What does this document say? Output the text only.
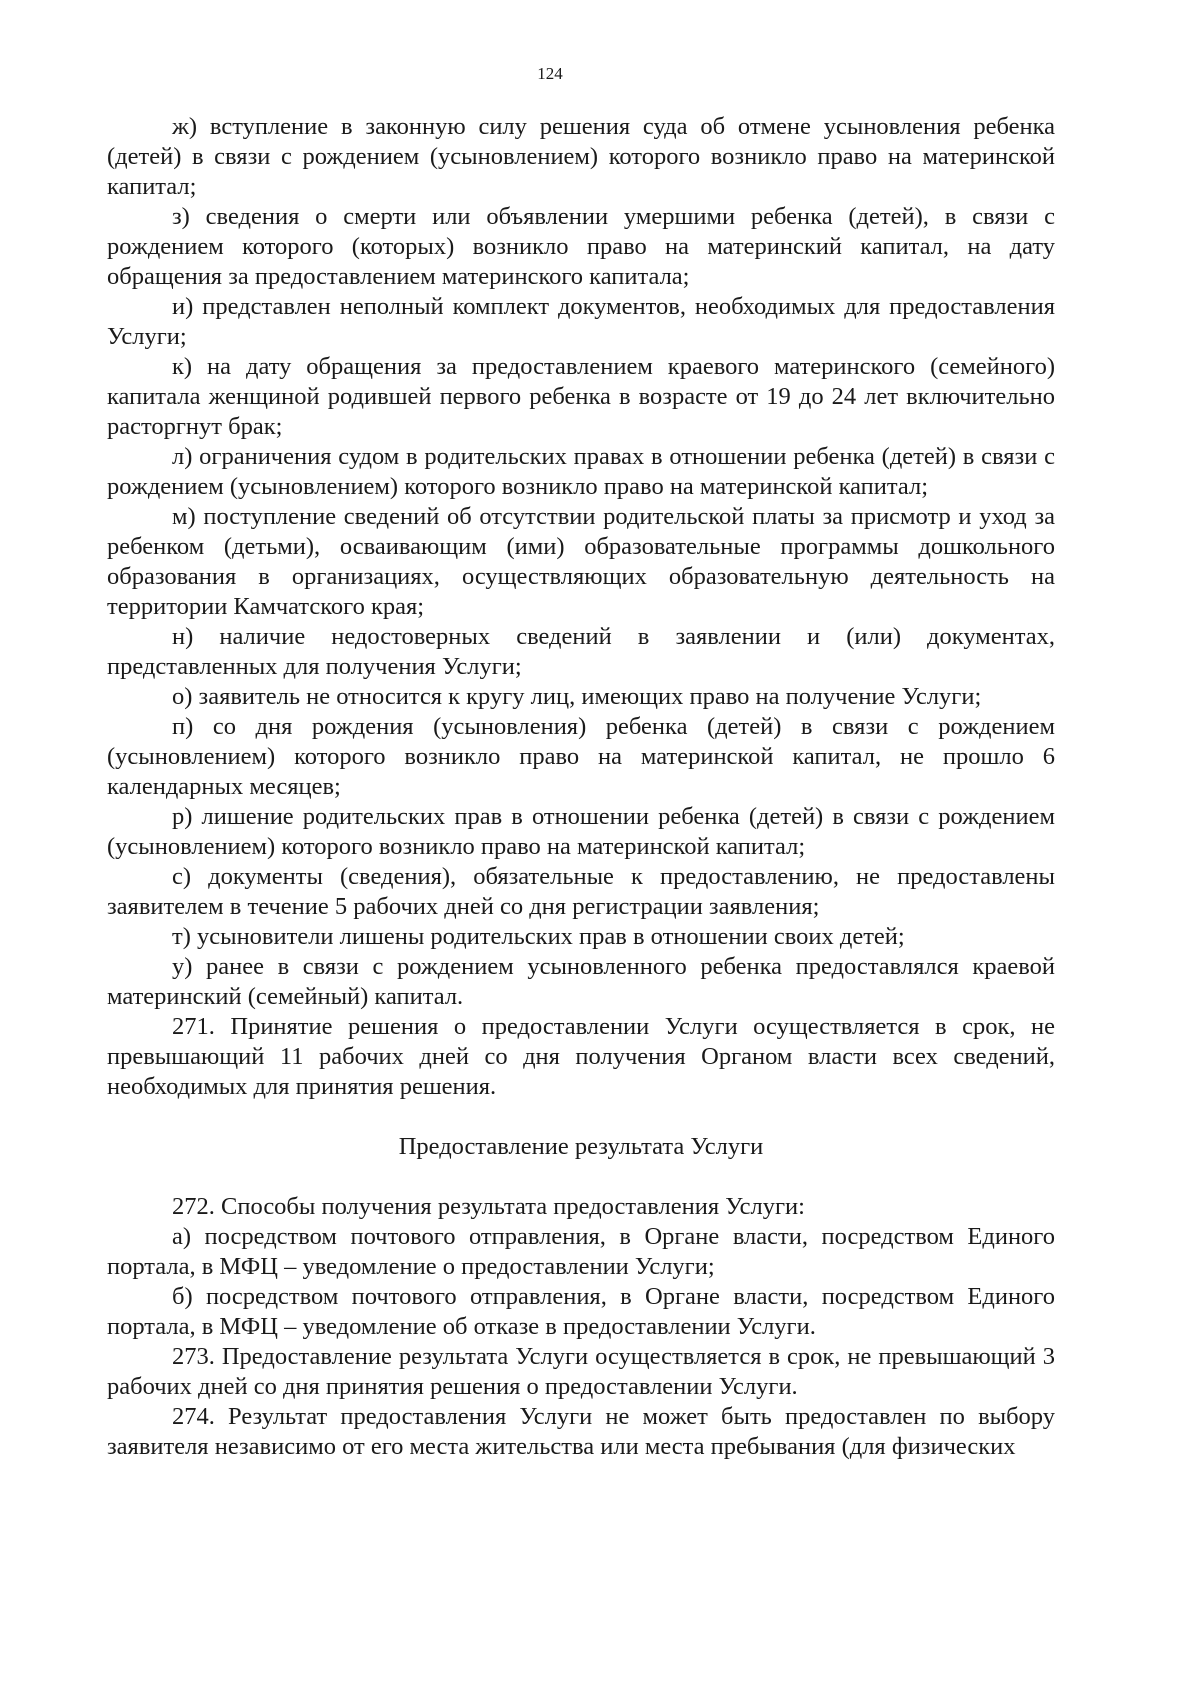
124

ж) вступление в законную силу решения суда об отмене усыновления ребенка (детей) в связи с рождением (усыновлением) которого возникло право на материнской капитал;

з) сведения о смерти или объявлении умершими ребенка (детей), в связи с рождением которого (которых) возникло право на материнский капитал, на дату обращения за предоставлением материнского капитала;

и) представлен неполный комплект документов, необходимых для предоставления Услуги;

к) на дату обращения за предоставлением краевого материнского (семейного) капитала женщиной родившей первого ребенка в возрасте от 19 до 24 лет включительно расторгнут брак;

л) ограничения судом в родительских правах в отношении ребенка (детей) в связи с рождением (усыновлением) которого возникло право на материнской капитал;

м) поступление сведений об отсутствии родительской платы за присмотр и уход за ребенком (детьми), осваивающим (ими) образовательные программы дошкольного образования в организациях, осуществляющих образовательную деятельность на территории Камчатского края;

н) наличие недостоверных сведений в заявлении и (или) документах, представленных для получения Услуги;

о) заявитель не относится к кругу лиц, имеющих право на получение Услуги;

п) со дня рождения (усыновления) ребенка (детей) в связи с рождением (усыновлением) которого возникло право на материнской капитал, не прошло 6 календарных месяцев;

р) лишение родительских прав в отношении ребенка (детей) в связи с рождением (усыновлением) которого возникло право на материнской капитал;

с) документы (сведения), обязательные к предоставлению, не предоставлены заявителем в течение 5 рабочих дней со дня регистрации заявления;

т) усыновители лишены родительских прав в отношении своих детей;

у) ранее в связи с рождением усыновленного ребенка предоставлялся краевой материнский (семейный) капитал.

271. Принятие решения о предоставлении Услуги осуществляется в срок, не превышающий 11 рабочих дней со дня получения Органом власти всех сведений, необходимых для принятия решения.

Предоставление результата Услуги

272. Способы получения результата предоставления Услуги:

а) посредством почтового отправления, в Органе власти, посредством Единого портала, в МФЦ – уведомление о предоставлении Услуги;

б) посредством почтового отправления, в Органе власти, посредством Единого портала, в МФЦ – уведомление об отказе в предоставлении Услуги.

273. Предоставление результата Услуги осуществляется в срок, не превышающий 3 рабочих дней со дня принятия решения о предоставлении Услуги.

274. Результат предоставления Услуги не может быть предоставлен по выбору заявителя независимо от его места жительства или места пребывания (для физических
